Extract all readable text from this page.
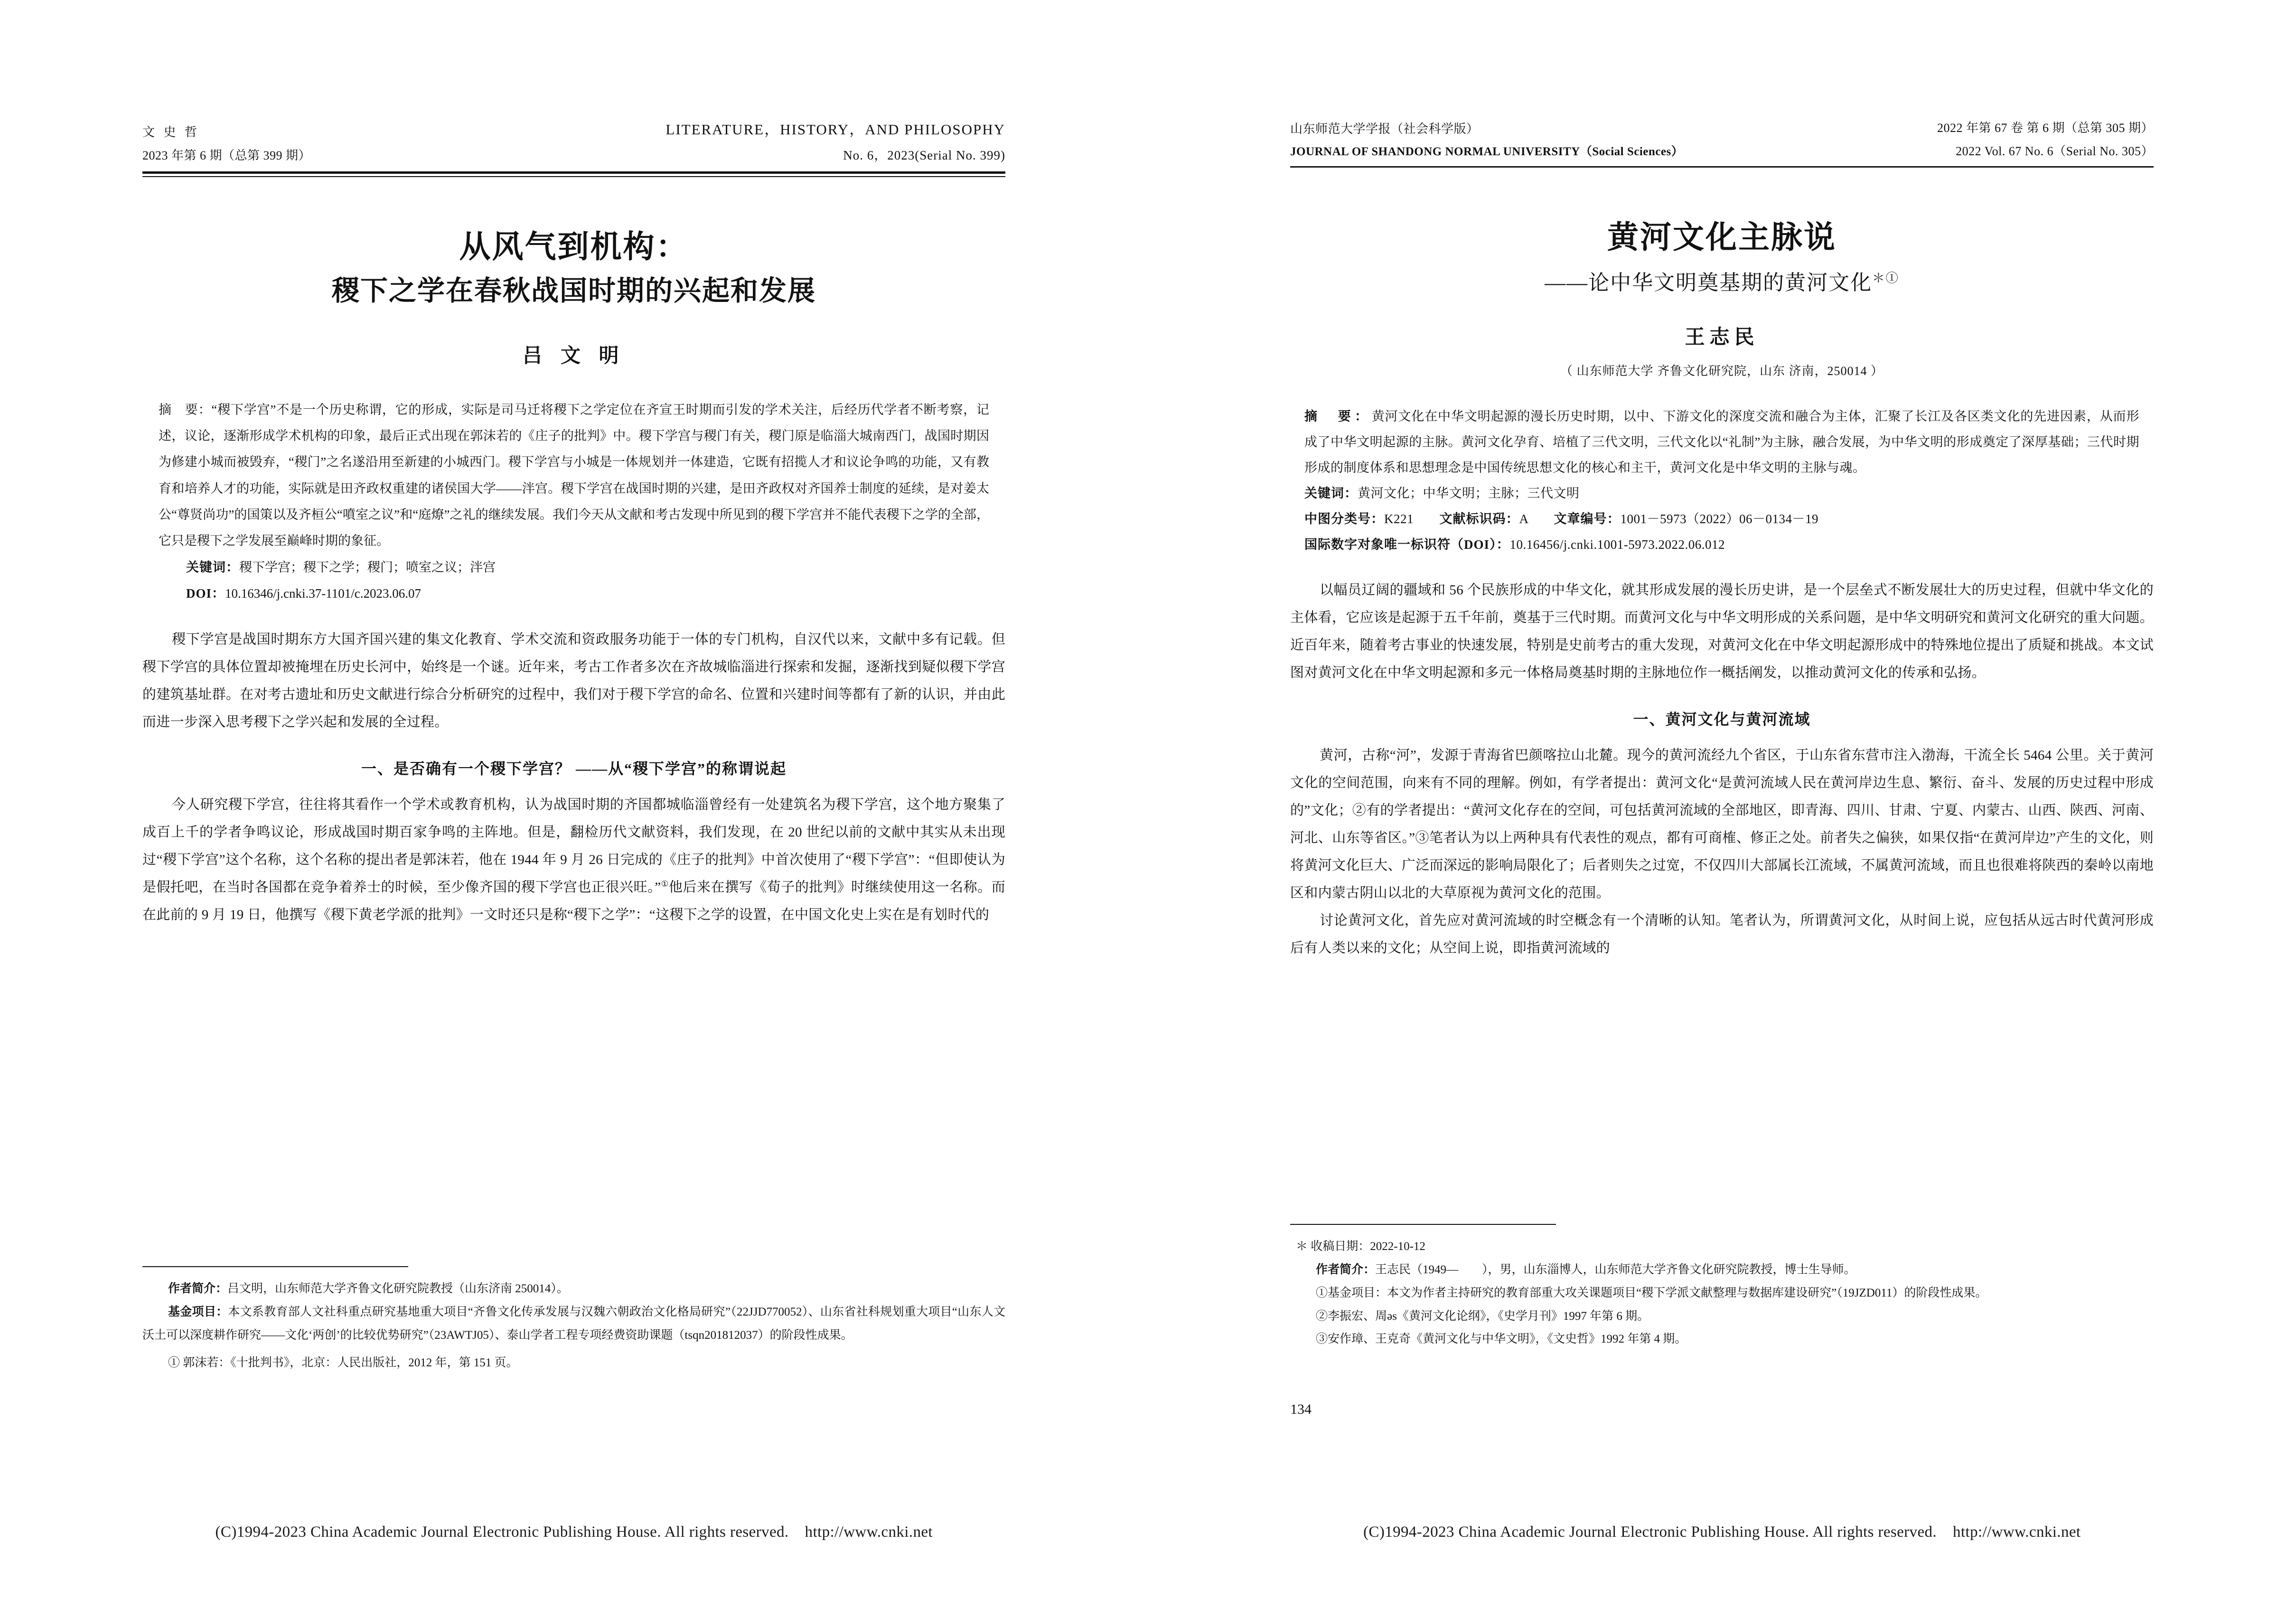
文 史 哲
2023 年第 6 期（总第 399 期）
LITERATURE，HISTORY，AND PHILOSOPHY
No. 6，2023(Serial No. 399)
从风气到机构：
稷下之学在春秋战国时期的兴起和发展
吕 文 明

摘　要：“稷下学宫”不是一个历史称谓，它的形成，实际是司马迁将稷下之学定位在齐宣王时期而引发的学术关注，后经历代学者不断考察，记述，议论，逐渐形成学术机构的印象，最后正式出现在郭沫若的《庄子的批判》中。稷下学宫与稷门有关，稷门原是临淄大城南西门，战国时期因为修建小城而被毁弃，“稷门”之名遂沿用至新建的小城西门。稷下学宫与小城是一体规划并一体建造，它既有招揽人才和议论争鸣的功能，又有教育和培养人才的功能，实际就是田齐政权重建的诸侯国大学——泮宫。稷下学宫在战国时期的兴建，是田齐政权对齐国养士制度的延续，是对姜太公“尊贤尚功”的国策以及齐桓公“噴室之议”和“庭燎”之礼的继续发展。我们今天从文献和考古发现中所见到的稷下学宫并不能代表稷下之学的全部，它只是稷下之学发展至巅峰时期的象征。

关键词：稷下学宫；稷下之学；稷门；喷室之议；泮宫

DOI：10.16346/j.cnki.37-1101/c.2023.06.07

稷下学宫是战国时期东方大国齐国兴建的集文化教育、学术交流和资政服务功能于一体的专门机构，自汉代以来，文献中多有记载。但稷下学宫的具体位置却被掩埋在历史长河中，始终是一个谜。近年来，考古工作者多次在齐故城临淄进行探索和发掘，逐渐找到疑似稷下学宫的建筑基址群。在对考古遗址和历史文献进行综合分析研究的过程中，我们对于稷下学宫的命名、位置和兴建时间等都有了新的认识，并由此而进一步深入思考稷下之学兴起和发展的全过程。

一、是否确有一个稷下学宫？ ——从“稷下学宫”的称谓说起

今人研究稷下学宫，往往将其看作一个学术或教育机构，认为战国时期的齐国都城临淄曾经有一处建筑名为稷下学宫，这个地方聚集了成百上千的学者争鸣议论，形成战国时期百家争鸣的主阵地。但是，翻检历代文献资料，我们发现，在 20 世纪以前的文献中其实从未出现过“稷下学宫”这个名称，这个名称的提出者是郭沫若，他在 1944 年 9 月 26 日完成的《庄子的批判》中首次使用了“稷下学宫”：“但即使认为是假托吧，在当时各国都在竞争着养士的时候，至少像齐国的稷下学宫也正很兴旺。”①他后来在撰写《荀子的批判》时继续使用这一名称。而在此前的 9 月 19 日，他撰写《稷下黄老学派的批判》一文时还只是称“稷下之学”：“这稷下之学的设置，在中国文化史上实在是有划时代的

作者简介：吕文明，山东师范大学齐鲁文化研究院教授（山东济南 250014）。

基金项目：本文系教育部人文社科重点研究基地重大项目“齐鲁文化传承发展与汉魏六朝政治文化格局研究”（22JJD770052）、山东省社科规划重大项目“山东人文沃土可以深度耕作研究——文化‘两创’的比较优势研究”（23AWTJ05）、泰山学者工程专项经费资助课题（tsqn201812037）的阶段性成果。

① 郭沫若：《十批判书》，北京：人民出版社，2012 年，第 151 页。

山东师范大学学报（社会科学版）
JOURNAL OF SHANDONG NORMAL UNIVERSITY（Social Sciences）
2022 年第 67 卷 第 6 期（总第 305 期）
2022 Vol. 67 No. 6（Serial No. 305）
黄河文化主脉说
——论中华文明奠基期的黄河文化＊①
王志民
（ 山东师范大学 齐鲁文化研究院，山东 济南，250014 ）

摘　要：黄河文化在中华文明起源的漫长历史时期，以中、下游文化的深度交流和融合为主体，汇聚了长江及各区类文化的先进因素，从而形成了中华文明起源的主脉。黄河文化孕育、培植了三代文明，三代文化以“礼制”为主脉，融合发展，为中华文明的形成奠定了深厚基础；三代时期形成的制度体系和思想理念是中国传统思想文化的核心和主干，黄河文化是中华文明的主脉与魂。

关键词：黄河文化；中华文明；主脉；三代文明

中图分类号：K221 文献标识码：A 文章编号：1001－5973（2022）06－0134－19

国际数字对象唯一标识符（DOI）：10.16456/j.cnki.1001-5973.2022.06.012

以幅员辽阔的疆域和 56 个民族形成的中华文化，就其形成发展的漫长历史讲，是一个层垒式不断发展壮大的历史过程，但就中华文化的主体看，它应该是起源于五千年前，奠基于三代时期。而黄河文化与中华文明形成的关系问题，是中华文明研究和黄河文化研究的重大问题。近百年来，随着考古事业的快速发展，特别是史前考古的重大发现，对黄河文化在中华文明起源形成中的特殊地位提出了质疑和挑战。本文试图对黄河文化在中华文明起源和多元一体格局奠基时期的主脉地位作一概括阐发，以推动黄河文化的传承和弘扬。

一、黄河文化与黄河流域

黄河，古称“河”，发源于青海省巴颜喀拉山北麓。现今的黄河流经九个省区，于山东省东营市注入渤海，干流全长 5464 公里。关于黄河文化的空间范围，向来有不同的理解。例如，有学者提出：黄河文化“是黄河流域人民在黄河岸边生息、繁衍、奋斗、发展的历史过程中形成的”文化；②有的学者提出：“黄河文化存在的空间，可包括黄河流域的全部地区，即青海、四川、甘肃、宁夏、内蒙古、山西、陕西、河南、河北、山东等省区。”③笔者认为以上两种具有代表性的观点，都有可商榷、修正之处。前者失之偏狭，如果仅指“在黄河岸边”产生的文化，则将黄河文化巨大、广泛而深远的影响局限化了；后者则失之过宽，不仅四川大部属长江流域，不属黄河流域，而且也很难将陕西的秦岭以南地区和内蒙古阴山以北的大草原视为黄河文化的范围。

讨论黄河文化，首先应对黄河流域的时空概念有一个清晰的认知。笔者认为，所谓黄河文化，从时间上说，应包括从远古时代黄河形成后有人类以来的文化；从空间上说，即指黄河流域的

＊ 收稿日期：2022-10-12

作者简介：王志民（1949—　　），男，山东淄博人，山东师范大学齐鲁文化研究院教授，博士生导师。

①基金项目：本文为作者主持研究的教育部重大攻关课题项目“稷下学派文献整理与数据库建设研究”（19JZD011）的阶段性成果。

②李振宏、周әs《黄河文化论纲》，《史学月刊》1997 年第 6 期。

③安作璋、王克奇《黄河文化与中华文明》，《文史哲》1992 年第 4 期。

134
(C)1994-2023 China Academic Journal Electronic Publishing House. All rights reserved. http://www.cnki.net	(C)1994-2023 China Academic Journal Electronic Publishing House. All rights reserved. http://www.cnki.net
